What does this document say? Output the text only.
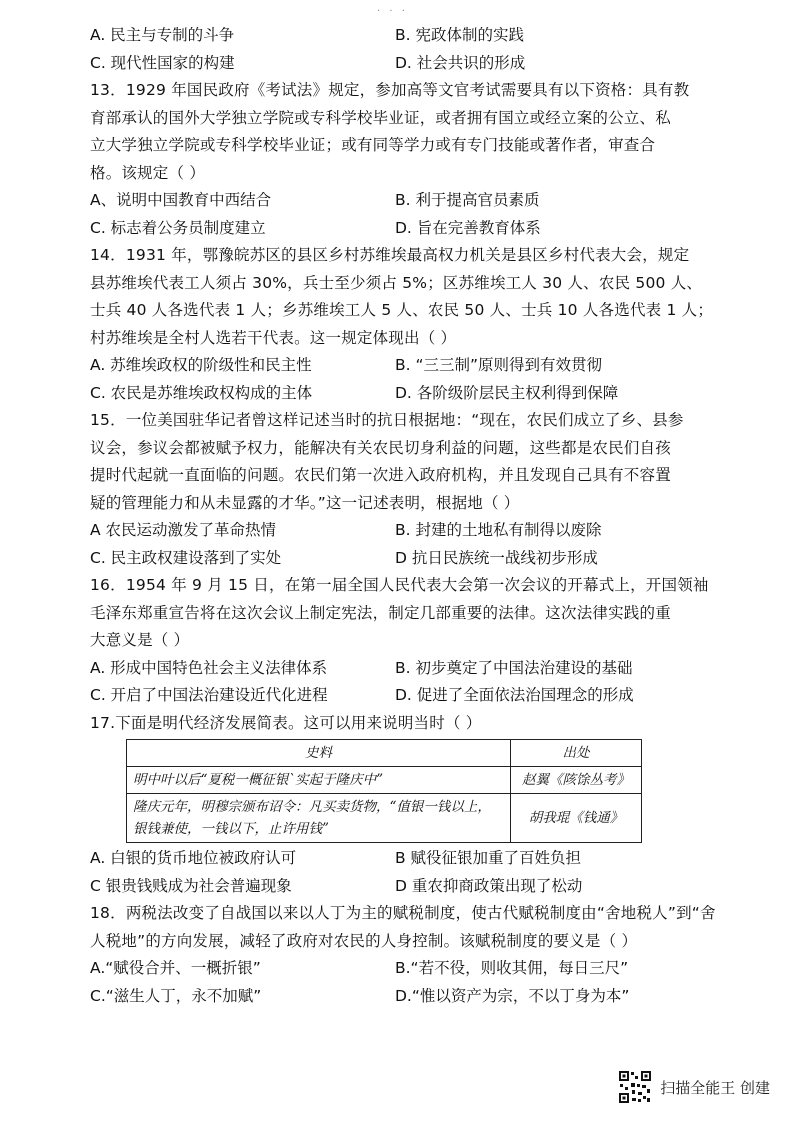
· · ·
A. 民主与专制的斗争	B. 宪政体制的实践
C. 现代性国家的构建	D. 社会共识的形成
13．1929 年国民政府《考试法》规定，参加高等文官考试需要具有以下资格：具有教
育部承认的国外大学独立学院或专科学校毕业证，或者拥有国立或经立案的公立、私
立大学独立学院或专科学校毕业证；或有同等学力或有专门技能或著作者，审查合
格。该规定（ ）
A、说明中国教育中西结合	B. 利于提高官员素质
C. 标志着公务员制度建立	D. 旨在完善教育体系
14．1931 年，鄂豫皖苏区的县区乡村苏维埃最高权力机关是县区乡村代表大会，规定
县苏维埃代表工人须占 30%，兵士至少须占 5%；区苏维埃工人 30 人、农民 500 人、
士兵 40 人各选代表 1 人；乡苏维埃工人 5 人、农民 50 人、士兵 10 人各选代表 1 人；
村苏维埃是全村人选若干代表。这一规定体现出（ ）
A. 苏维埃政权的阶级性和民主性	B. “三三制”原则得到有效贯彻
C. 农民是苏维埃政权构成的主体	D. 各阶级阶层民主权利得到保障
15．一位美国驻华记者曾这样记述当时的抗日根据地：“现在，农民们成立了乡、县参
议会，参议会都被赋予权力，能解决有关农民切身利益的问题，这些都是农民们自孩
提时代起就一直面临的问题。农民们第一次进入政府机构，并且发现自己具有不容置
疑的管理能力和从未显露的才华。”这一记述表明，根据地（ ）
A 农民运动激发了革命热情	B. 封建的土地私有制得以废除
C. 民主政权建设落到了实处	D 抗日民族统一战线初步形成
16．1954 年 9 月 15 日，在第一届全国人民代表大会第一次会议的开幕式上，开国领袖
毛泽东郑重宣告将在这次会议上制定宪法，制定几部重要的法律。这次法律实践的重
大意义是（ ）
A. 形成中国特色社会主义法律体系	B. 初步奠定了中国法治建设的基础
C. 开启了中国法治建设近代化进程	D. 促进了全面依法治国理念的形成
17.下面是明代经济发展简表。这可以用来说明当时（ ）
史料	出处
明中叶以后“夏税一概征银`实起于隆庆中”	赵翼《陔馀丛考》
隆庆元年，明穆宗颁布诏令：凡买卖货物，“值银一钱以上，银钱兼使，一钱以下，止许用钱”	胡我琨《钱通》
A. 白银的货币地位被政府认可	B 赋役征银加重了百姓负担
C 银贵钱贱成为社会普遍现象	D 重农抑商政策出现了松动
18．两税法改变了自战国以来以人丁为主的赋税制度，使古代赋税制度由“舍地税人”到“舍
人税地”的方向发展，减轻了政府对农民的人身控制。该赋税制度的要义是（ ）
A.“赋役合并、一概折银”	B.“若不役，则收其佣，每日三尺”
C.“滋生人丁，永不加赋”	D.“惟以资产为宗，不以丁身为本”
扫描全能王 创建
